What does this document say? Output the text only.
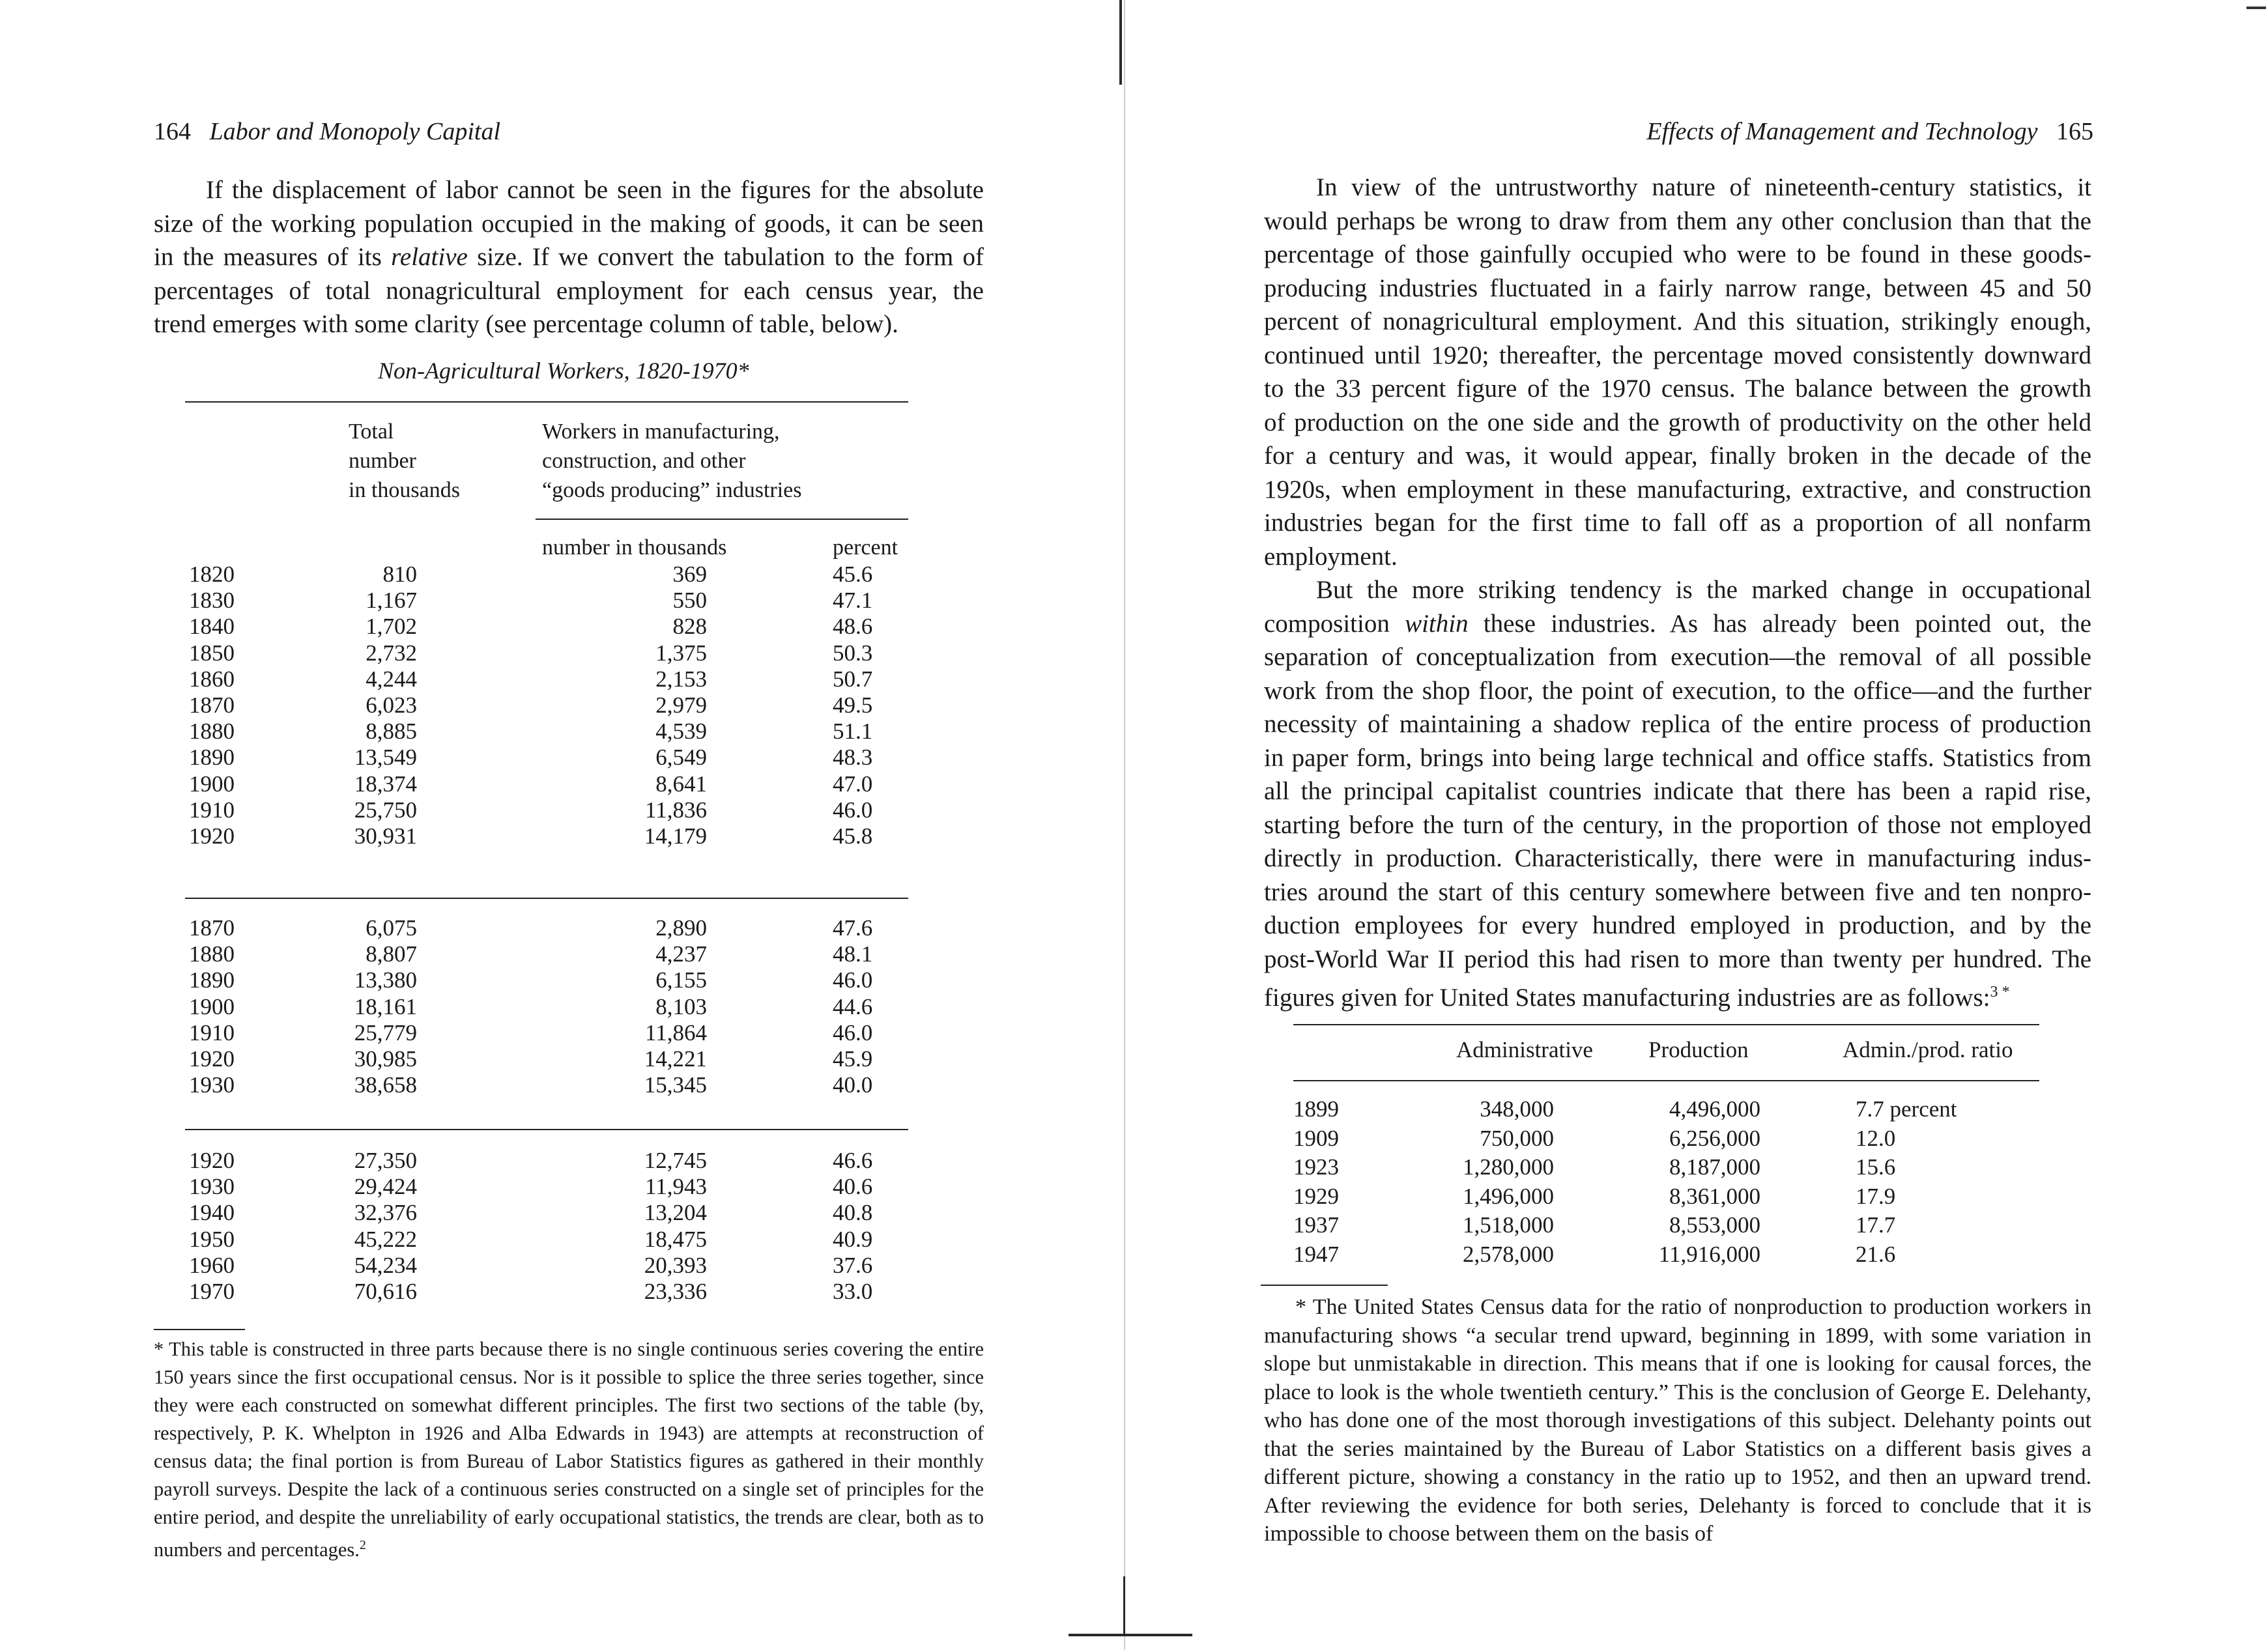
164 Labor and Monopoly Capital
If the displacement of labor cannot be seen in the figures for the absolute
size of the working population occupied in the making of goods, it can be seen
in the measures of its relative size. If we convert the tabulation to the form of
percentages of total nonagricultural employment for each census year, the
trend emerges with some clarity (see percentage column of table, below).
Non-Agricultural Workers, 1820-1970*
Total
number
in thousands
Workers in manufacturing,
construction, and other
“goods producing” industries
number in thousands	percent
1820	810	369	45.6
1830	1,167	550	47.1
1840	1,702	828	48.6
1850	2,732	1,375	50.3
1860	4,244	2,153	50.7
1870	6,023	2,979	49.5
1880	8,885	4,539	51.1
1890	13,549	6,549	48.3
1900	18,374	8,641	47.0
1910	25,750	11,836	46.0
1920	30,931	14,179	45.8
1870	6,075	2,890	47.6
1880	8,807	4,237	48.1
1890	13,380	6,155	46.0
1900	18,161	8,103	44.6
1910	25,779	11,864	46.0
1920	30,985	14,221	45.9
1930	38,658	15,345	40.0
1920	27,350	12,745	46.6
1930	29,424	11,943	40.6
1940	32,376	13,204	40.8
1950	45,222	18,475	40.9
1960	54,234	20,393	37.6
1970	70,616	23,336	33.0
* This table is constructed in three parts because there is no single continuous series covering the entire 150 years since the first occupational census. Nor is it possible to splice the three series together, since they were each constructed on somewhat different principles. The first two sections of the table (by, respectively, P. K. Whelpton in 1926 and Alba Edwards in 1943) are attempts at reconstruction of census data; the final portion is from Bureau of Labor Statistics figures as gathered in their monthly payroll surveys. Despite the lack of a continuous series constructed on a single set of principles for the entire period, and despite the unreliability of early occupational statistics, the trends are clear, both as to numbers and percentages.$^2$
Effects of Management and Technology 165
In view of the untrustworthy nature of nineteenth-century statistics, it
would perhaps be wrong to draw from them any other conclusion than that the
percentage of those gainfully occupied who were to be found in these goods-
producing industries fluctuated in a fairly narrow range, between 45 and 50
percent of nonagricultural employment. And this situation, strikingly enough,
continued until 1920; thereafter, the percentage moved consistently downward
to the 33 percent figure of the 1970 census. The balance between the growth
of production on the one side and the growth of productivity on the other held
for a century and was, it would appear, finally broken in the decade of the
1920s, when employment in these manufacturing, extractive, and construction
industries began for the first time to fall off as a proportion of all nonfarm
employment.
But the more striking tendency is the marked change in occupational
composition within these industries. As has already been pointed out, the
separation of conceptualization from execution—the removal of all possible
work from the shop floor, the point of execution, to the office—and the further
necessity of maintaining a shadow replica of the entire process of production
in paper form, brings into being large technical and office staffs. Statistics from
all the principal capitalist countries indicate that there has been a rapid rise,
starting before the turn of the century, in the proportion of those not employed
directly in production. Characteristically, there were in manufacturing indus-
tries around the start of this century somewhere between five and ten nonpro-
duction employees for every hundred employed in production, and by the
post-World War II period this had risen to more than twenty per hundred. The
figures given for United States manufacturing industries are as follows:$^{3 *}$
Administrative Production	Admin./prod. ratio
1899	348,000	4,496,000	7.7 percent
1909	750,000	6,256,000	12.0
1923	1,280,000	8,187,000	15.6
1929	1,496,000	8,361,000	17.9
1937	1,518,000	8,553,000	17.7
1947	2,578,000	11,916,000	21.6
* The United States Census data for the ratio of nonproduction to production workers in manufacturing shows “a secular trend upward, beginning in 1899, with some variation in slope but unmistakable in direction. This means that if one is looking for causal forces, the place to look is the whole twentieth century.” This is the conclusion of George E. Delehanty, who has done one of the most thorough investigations of this subject. Delehanty points out that the series maintained by the Bureau of Labor Statistics on a different basis gives a different picture, showing a constancy in the ratio up to 1952, and then an upward trend. After reviewing the evidence for both series, Delehanty is forced to conclude that it is impossible to choose between them on the basis of
